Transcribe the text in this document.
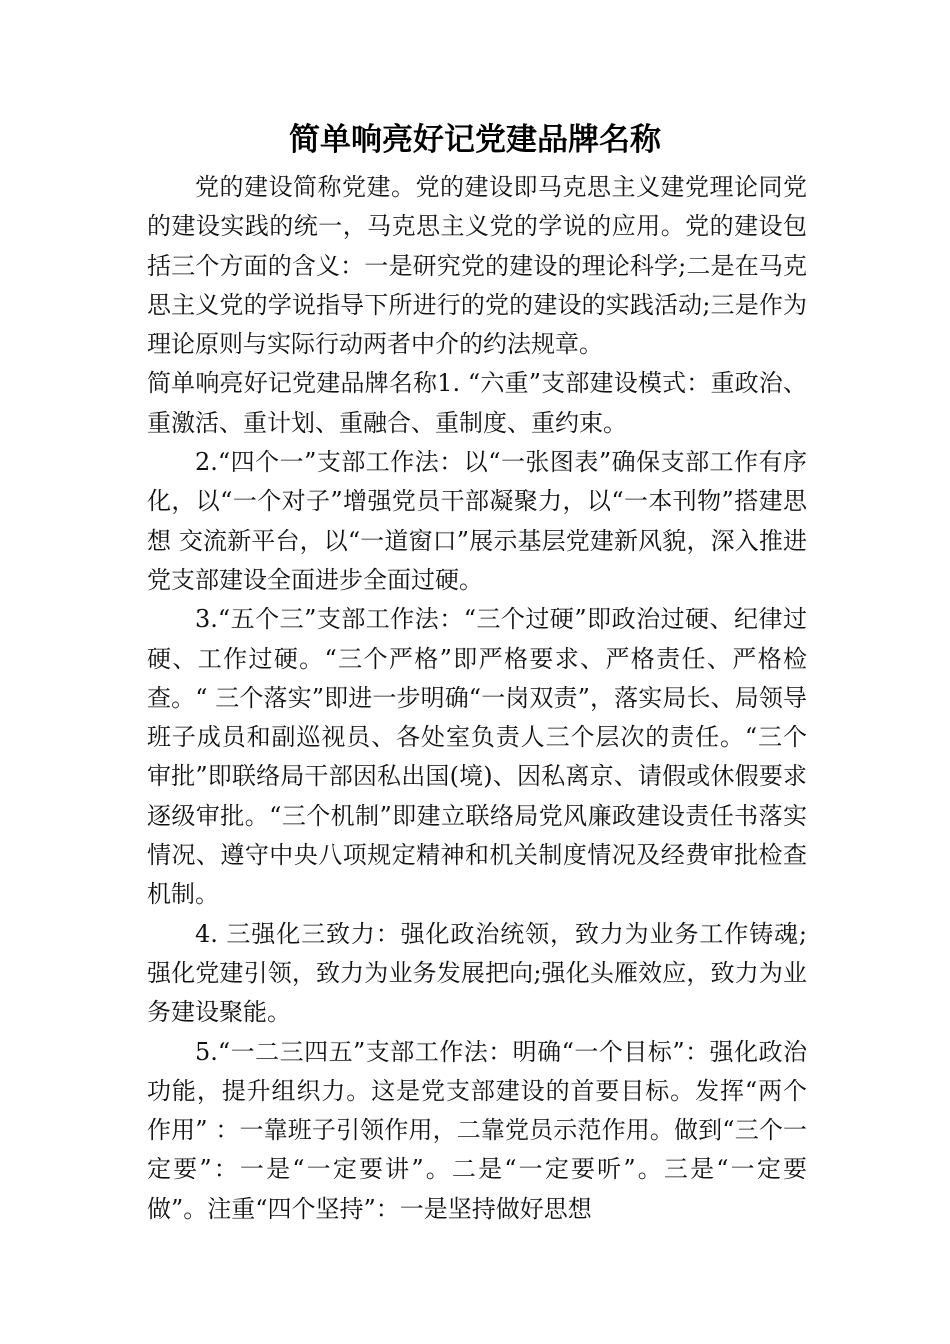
简单响亮好记党建品牌名称

党的建设简称党建。党的建设即马克思主义建党理论同党的建设实践的统一，马克思主义党的学说的应用。党的建设包括三个方面的含义：一是研究党的建设的理论科学;二是在马克思主义党的学说指导下所进行的党的建设的实践活动;三是作为理论原则与实际行动两者中介的约法规章。

简单响亮好记党建品牌名称1. “六重”支部建设模式：重政治、重激活、重计划、重融合、重制度、重约束。

2.“四个一”支部工作法：以“一张图表”确保支部工作有序化，以“一个对子”增强党员干部凝聚力，以“一本刊物”搭建思想 交流新平台，以“一道窗口”展示基层党建新风貌，深入推进党支部建设全面进步全面过硬。

3.“五个三”支部工作法：“三个过硬”即政治过硬、纪律过硬、工作过硬。“三个严格”即严格要求、严格责任、严格检查。“ 三个落实”即进一步明确“一岗双责”，落实局长、局领导班子成员和副巡视员、各处室负责人三个层次的责任。“三个审批”即联络局干部因私出国(境)、因私离京、请假或休假要求逐级审批。“三个机制”即建立联络局党风廉政建设责任书落实情况、遵守中央八项规定精神和机关制度情况及经费审批检查机制。

4. 三强化三致力：强化政治统领，致力为业务工作铸魂;强化党建引领，致力为业务发展把向;强化头雁效应，致力为业务建设聚能。

5.“一二三四五”支部工作法：明确“一个目标”：强化政治功能，提升组织力。这是党支部建设的首要目标。发挥“两个作用” ：一靠班子引领作用，二靠党员示范作用。做到“三个一定要”：一是“一定要讲”。二是“一定要听”。三是“一定要做”。注重“四个坚持”：一是坚持做好思想
